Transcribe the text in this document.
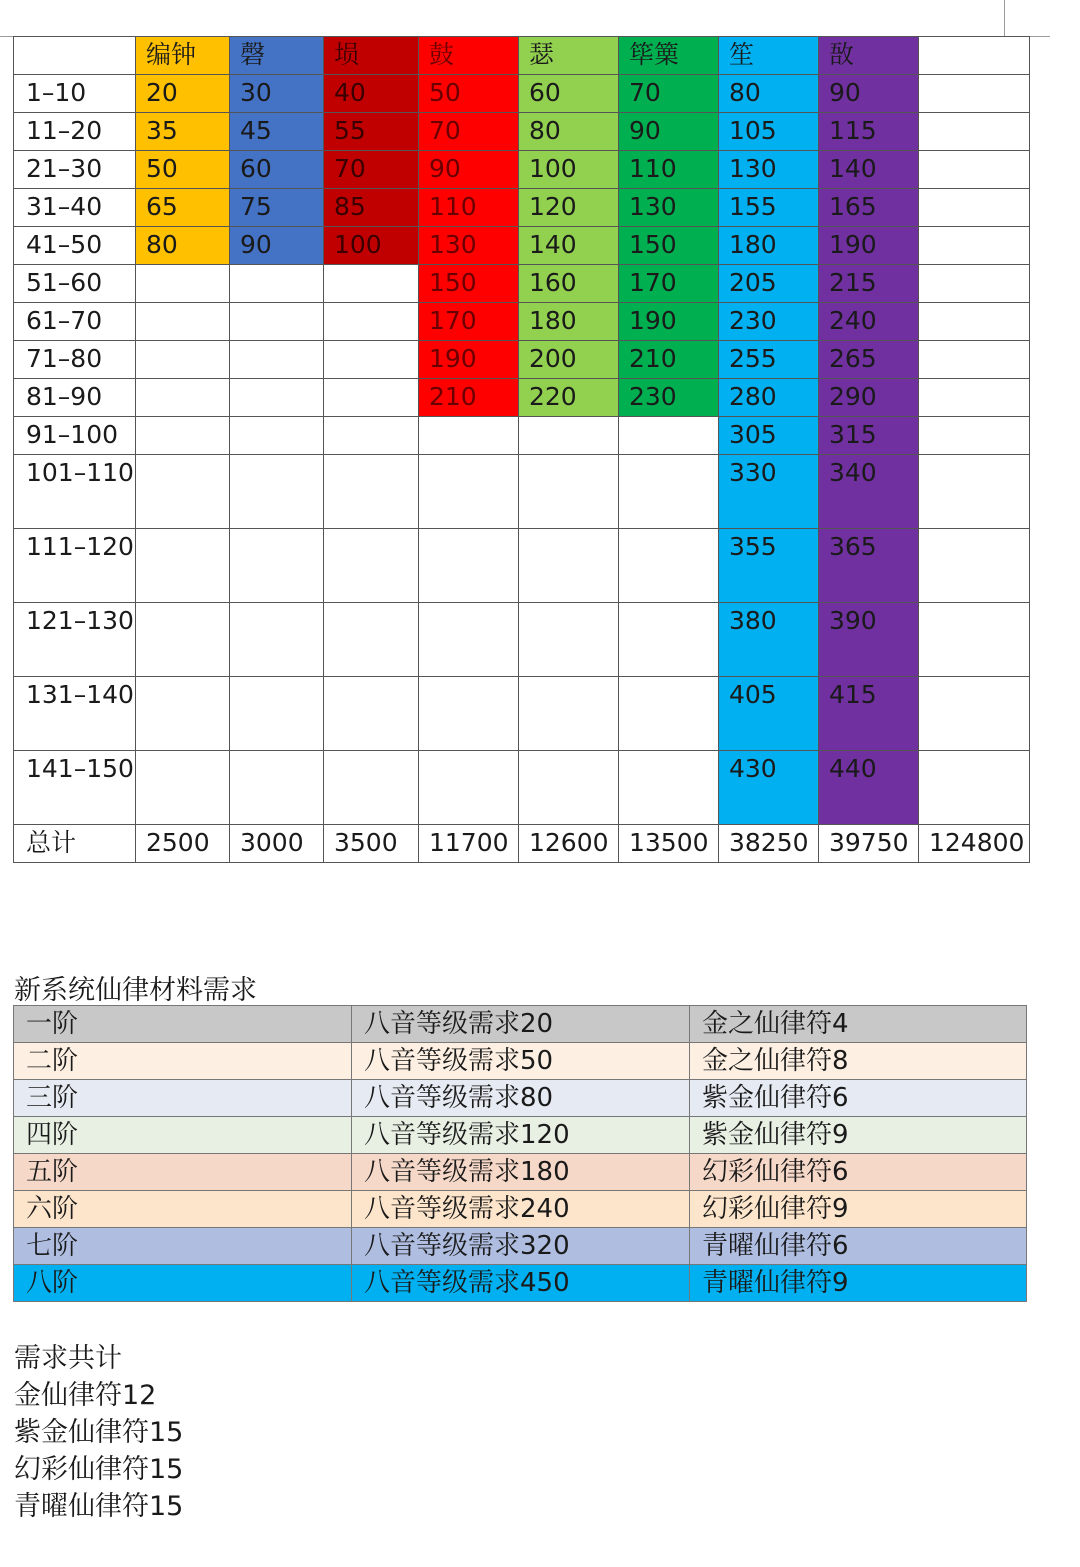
	编钟	磬	埙	鼓	瑟	筚篥	笙	敔	
1–10	20	30	40	50	60	70	80	90	
11–20	35	45	55	70	80	90	105	115	
21–30	50	60	70	90	100	110	130	140	
31–40	65	75	85	110	120	130	155	165	
41–50	80	90	100	130	140	150	180	190	
51–60				150	160	170	205	215	
61–70				170	180	190	230	240	
71–80				190	200	210	255	265	
81–90				210	220	230	280	290	
91–100							305	315	
101–110							330	340	
111–120							355	365	
121–130							380	390	
131–140							405	415	
141–150							430	440	
总计	2500	3000	3500	11700	12600	13500	38250	39750	124800
新系统仙律材料需求
一阶	八音等级需求20	金之仙律符4
二阶	八音等级需求50	金之仙律符8
三阶	八音等级需求80	紫金仙律符6
四阶	八音等级需求120	紫金仙律符9
五阶	八音等级需求180	幻彩仙律符6
六阶	八音等级需求240	幻彩仙律符9
七阶	八音等级需求320	青曜仙律符6
八阶	八音等级需求450	青曜仙律符9
需求共计
金仙律符12
紫金仙律符15
幻彩仙律符15
青曜仙律符15
